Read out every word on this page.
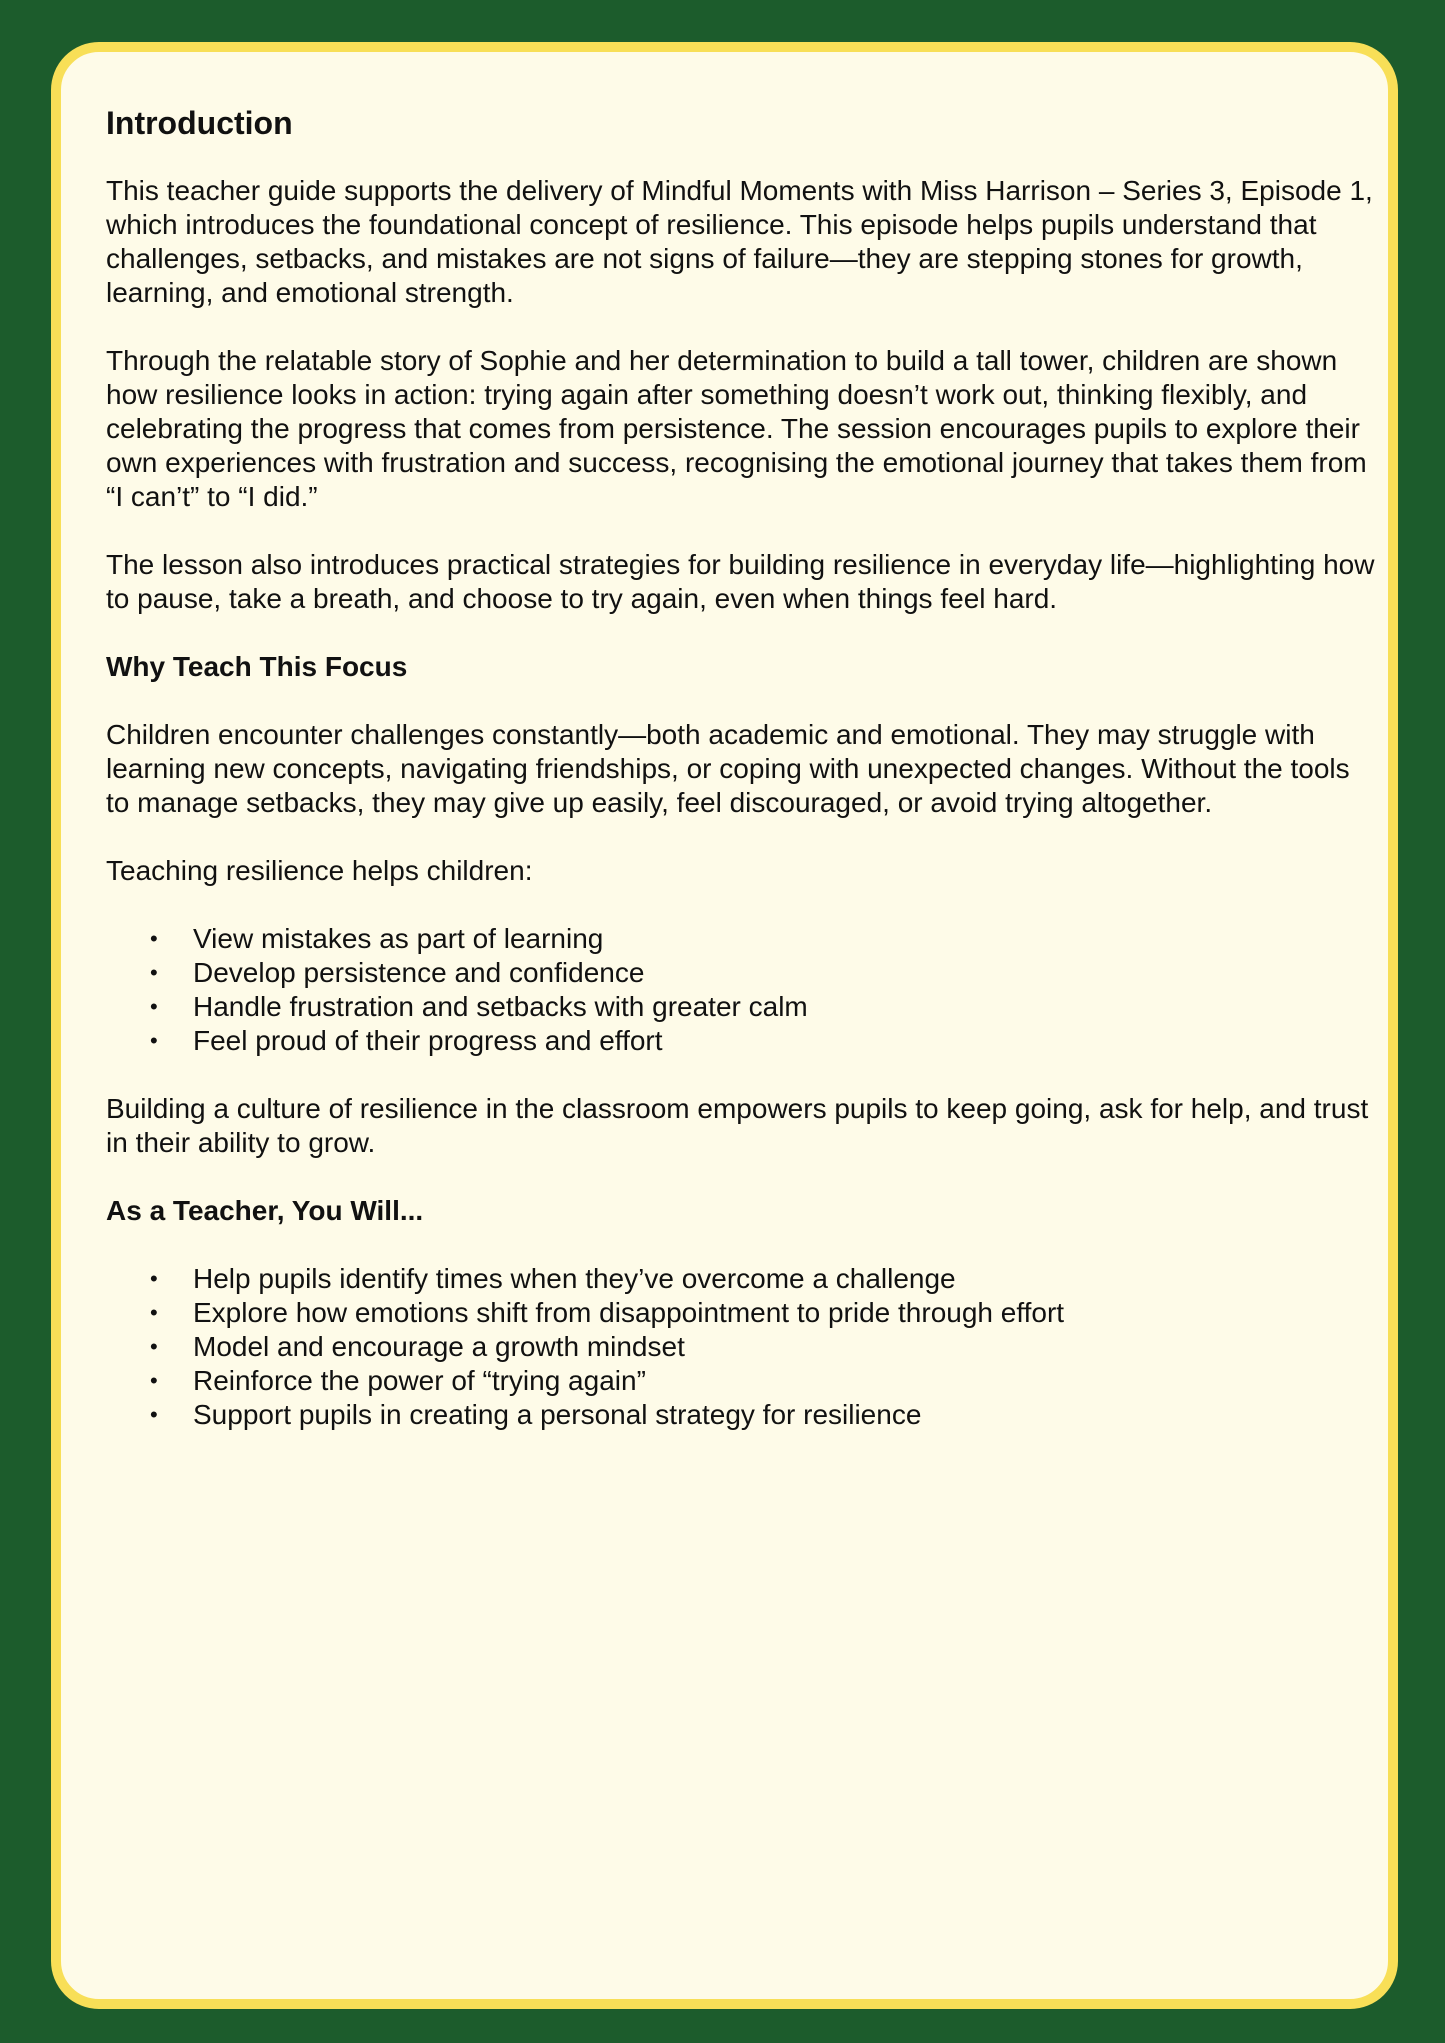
Introduction

This teacher guide supports the delivery of Mindful Moments with Miss Harrison – Series 3, Episode 1, which introduces the foundational concept of resilience. This episode helps pupils understand that challenges, setbacks, and mistakes are not signs of failure—they are stepping stones for growth, learning, and emotional strength.

Through the relatable story of Sophie and her determination to build a tall tower, children are shown how resilience looks in action: trying again after something doesn’t work out, thinking flexibly, and celebrating the progress that comes from persistence. The session encourages pupils to explore their own experiences with frustration and success, recognising the emotional journey that takes them from “I can’t” to “I did.”

The lesson also introduces practical strategies for building resilience in everyday life—highlighting how to pause, take a breath, and choose to try again, even when things feel hard.

Why Teach This Focus

Children encounter challenges constantly—both academic and emotional. They may struggle with learning new concepts, navigating friendships, or coping with unexpected changes. Without the tools to manage setbacks, they may give up easily, feel discouraged, or avoid trying altogether.

Teaching resilience helps children:

• View mistakes as part of learning
• Develop persistence and confidence
• Handle frustration and setbacks with greater calm
• Feel proud of their progress and effort

Building a culture of resilience in the classroom empowers pupils to keep going, ask for help, and trust in their ability to grow.

As a Teacher, You Will...
• Help pupils identify times when they’ve overcome a challenge
• Explore how emotions shift from disappointment to pride through effort
• Model and encourage a growth mindset
• Reinforce the power of “trying again”
• Support pupils in creating a personal strategy for resilience
